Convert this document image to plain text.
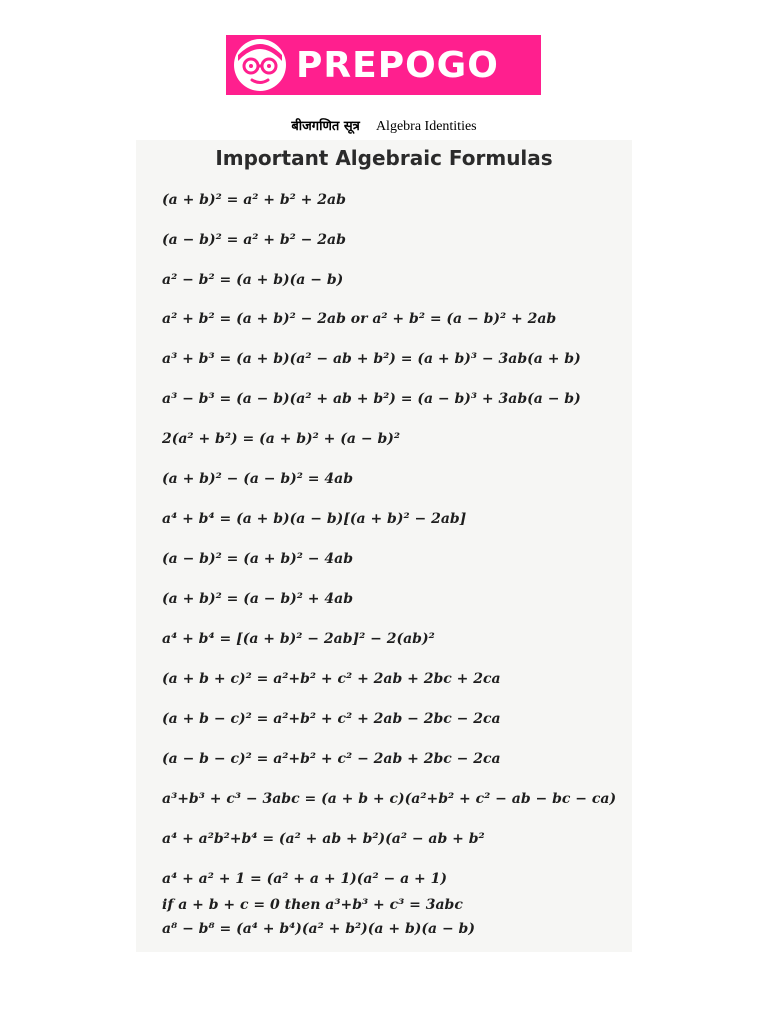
PREPOGO
बीजगणित सूत्र Algebra Identities
Important Algebraic Formulas
(a + b)² = a² + b² + 2ab
(a − b)² = a² + b² − 2ab
a² − b² = (a + b)(a − b)
a² + b² = (a + b)² − 2ab or a² + b² = (a − b)² + 2ab
a³ + b³ = (a + b)(a² − ab + b²) = (a + b)³ − 3ab(a + b)
a³ − b³ = (a − b)(a² + ab + b²) = (a − b)³ + 3ab(a − b)
2(a² + b²) = (a + b)² + (a − b)²
(a + b)² − (a − b)² = 4ab
a⁴ + b⁴ = (a + b)(a − b)[(a + b)² − 2ab]
(a − b)² = (a + b)² − 4ab
(a + b)² = (a − b)² + 4ab
a⁴ + b⁴ = [(a + b)² − 2ab]² − 2(ab)²
(a + b + c)² = a²+b² + c² + 2ab + 2bc + 2ca
(a + b − c)² = a²+b² + c² + 2ab − 2bc − 2ca
(a − b − c)² = a²+b² + c² − 2ab + 2bc − 2ca
a³+b³ + c³ − 3abc = (a + b + c)(a²+b² + c² − ab − bc − ca)
a⁴ + a²b²+b⁴ = (a² + ab + b²)(a² − ab + b²
a⁴ + a² + 1 = (a² + a + 1)(a² − a + 1)
if a + b + c = 0 then a³+b³ + c³ = 3abc
a⁸ − b⁸ = (a⁴ + b⁴)(a² + b²)(a + b)(a − b)
